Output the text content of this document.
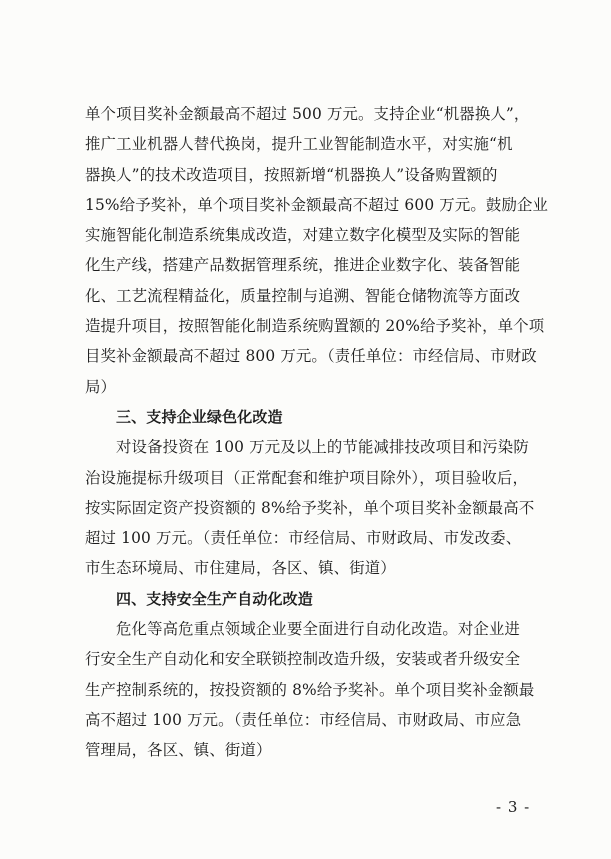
单个项目奖补金额最高不超过 500 万元。支持企业“机器换人”，
推广工业机器人替代换岗，提升工业智能制造水平，对实施“机
器换人”的技术改造项目，按照新增“机器换人”设备购置额的
15%给予奖补，单个项目奖补金额最高不超过 600 万元。鼓励企业
实施智能化制造系统集成改造，对建立数字化模型及实际的智能
化生产线，搭建产品数据管理系统，推进企业数字化、装备智能
化、工艺流程精益化，质量控制与追溯、智能仓储物流等方面改
造提升项目，按照智能化制造系统购置额的 20%给予奖补，单个项
目奖补金额最高不超过 800 万元。（责任单位：市经信局、市财政
局）
三、支持企业绿色化改造
对设备投资在 100 万元及以上的节能减排技改项目和污染防
治设施提标升级项目（正常配套和维护项目除外），项目验收后，
按实际固定资产投资额的 8%给予奖补，单个项目奖补金额最高不
超过 100 万元。（责任单位：市经信局、市财政局、市发改委、
市生态环境局、市住建局，各区、镇、街道）
四、支持安全生产自动化改造
危化等高危重点领域企业要全面进行自动化改造。对企业进
行安全生产自动化和安全联锁控制改造升级，安装或者升级安全
生产控制系统的，按投资额的 8%给予奖补。单个项目奖补金额最
高不超过 100 万元。（责任单位：市经信局、市财政局、市应急
管理局，各区、镇、街道）
- 3 -
